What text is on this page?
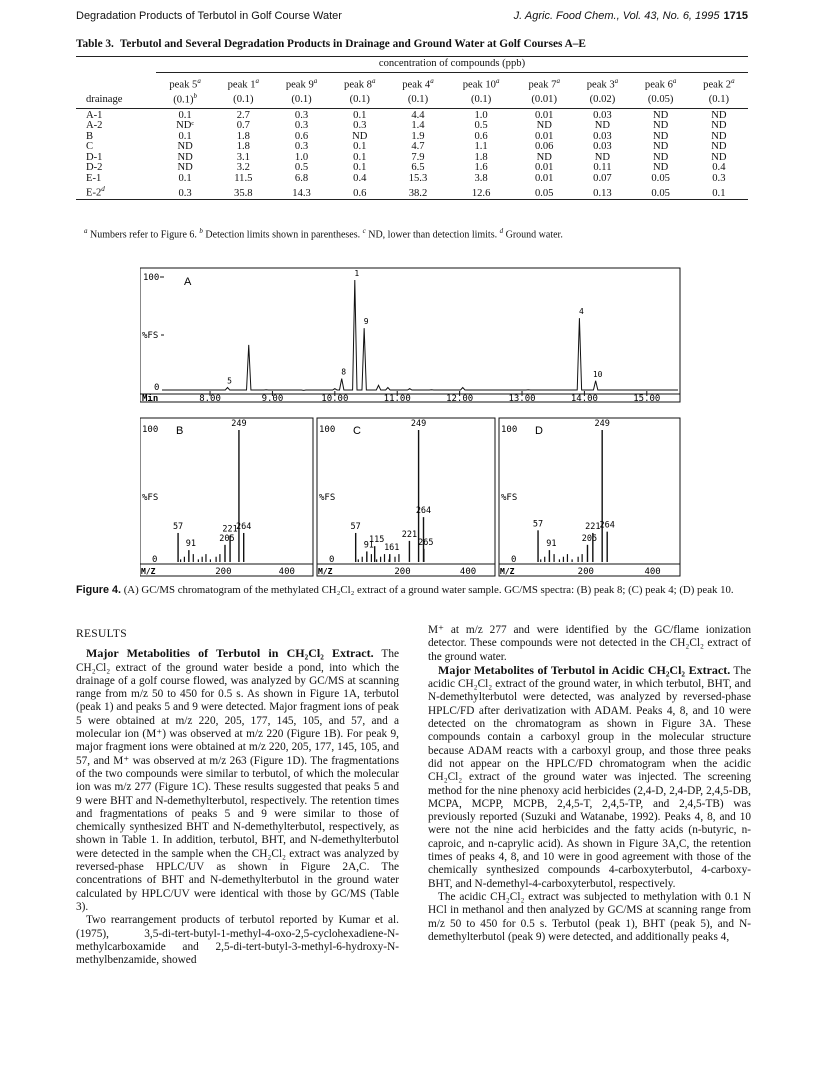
Degradation Products of Terbutol in Golf Course Water	J. Agric. Food Chem., Vol. 43, No. 6, 1995 1715
Table 3. Terbutol and Several Degradation Products in Drainage and Ground Water at Golf Courses A–E

	concentration of compounds (ppb)									
	peak 5$^a$	peak 1$^a$	peak 9$^a$	peak 8$^a$	peak 4$^a$	peak 10$^a$	peak 7$^a$	peak 3$^a$	peak 6$^a$	peak 2$^a$
drainage	$(0.1)^b$	(0.1)	(0.1)	(0.1)	(0.1)	(0.1)	(0.01)	(0.02)	(0.05)	(0.1)
A-1	0.1	2.7	0.3	0.1	4.4	1.0	0.01	0.03	ND	ND
A-2	NDᶜ	0.7	0.3	0.3	1.4	0.5	ND	ND	ND	ND
B	0.1	1.8	0.6	ND	1.9	0.6	0.01	0.03	ND	ND
C	ND	1.8	0.3	0.1	4.7	1.1	0.06	0.03	ND	ND
D-1	ND	3.1	1.0	0.1	7.9	1.8	ND	ND	ND	ND
D-2	ND	3.2	0.5	0.1	6.5	1.6	0.01	0.11	ND	0.4
E-1	0.1	11.5	6.8	0.4	15.3	3.8	0.01	0.07	0.05	0.3
E-2$^d$	0.3	35.8	14.3	0.6	38.2	12.6	0.05	0.13	0.05	0.1

$^a$ Numbers refer to Figure 6. $^b$ Detection limits shown in parentheses. $^c$ ND, lower than detection limits. $^d$ Ground water.
100 A
%FS
0
Min	8.00	9.00	10.00	11.00	12.00	13.00	14.00	15.00
5
8
1
9
4
10
100 B
%FS
0
M/Z	200	400
57
91
205
221
249
264
100 C
%FS
0
M/Z	200	400
57
91
115
161
221
249
264
265
100 D
%FS
0
M/Z	200	400
57
91
205
221
249
264
Figure 4. (A) GC/MS chromatogram of the methylated CH₂Cl₂ extract of a ground water sample. GC/MS spectra: (B) peak 8; (C) peak 4; (D) peak 10.
RESULTS

Major Metabolities of Terbutol in CH₂Cl₂ Extract. The CH₂Cl₂ extract of the ground water beside a pond, into which the drainage of a golf course flowed, was analyzed by GC/MS at scanning range from m/z 50 to 450 for 0.5 s. As shown in Figure 1A, terbutol (peak 1) and peaks 5 and 9 were detected. Major fragment ions of peak 5 were obtained at m/z 220, 205, 177, 145, 105, and 57, and a molecular ion (M⁺) was observed at m/z 220 (Figure 1B). For peak 9, major fragment ions were obtained at m/z 220, 205, 177, 145, 105, and 57, and M⁺ was observed at m/z 263 (Figure 1D). The fragmentations of the two compounds were similar to terbutol, of which the molecular ion was m/z 277 (Figure 1C). These results suggested that peaks 5 and 9 were BHT and N-demethylterbutol, respectively. The retention times and fragmentations of peaks 5 and 9 were similar to those of chemically synthesized BHT and N-demethylterbutol, respectively, as shown in Table 1. In addition, terbutol, BHT, and N-demethylterbutol were detected in the sample when the CH₂Cl₂ extract was analyzed by reversed-phase HPLC/UV as shown in Figure 2A,C. The concentrations of BHT and N-demethylterbutol in the ground water calculated by HPLC/UV were identical with those by GC/MS (Table 3).

Two rearrangement products of terbutol reported by Kumar et al. (1975), 3,5-di-tert-butyl-1-methyl-4-oxo-2,5-cyclohexadiene-N-methylcarboxamide and 2,5-di-tert-butyl-3-methyl-6-hydroxy-N-methylbenzamide, showed

M⁺ at m/z 277 and were identified by the GC/flame ionization detector. These compounds were not detected in the CH₂Cl₂ extract of the ground water.

Major Metabolites of Terbutol in Acidic CH₂Cl₂ Extract. The acidic CH₂Cl₂ extract of the ground water, in which terbutol, BHT, and N-demethylterbutol were detected, was analyzed by reversed-phase HPLC/FD after derivatization with ADAM. Peaks 4, 8, and 10 were detected on the chromatogram as shown in Figure 3A. These compounds contain a carboxyl group in the molecular structure because ADAM reacts with a carboxyl group, and those three peaks did not appear on the HPLC/FD chromatogram when the acidic CH₂Cl₂ extract of the ground water was injected. The screening method for the nine phenoxy acid herbicides (2,4-D, 2,4-DP, 2,4,5-DB, MCPA, MCPP, MCPB, 2,4,5-T, 2,4,5-TP, and 2,4,5-TB) was previously reported (Suzuki and Watanabe, 1992). Peaks 4, 8, and 10 were not the nine acid herbicides and the fatty acids (n-butyric, n-caproic, and n-caprylic acid). As shown in Figure 3A,C, the retention times of peaks 4, 8, and 10 were in good agreement with those of the chemically synthesized compounds 4-carboxyterbutol, 4-carboxy-BHT, and N-demethyl-4-carboxyterbutol, respectively.

The acidic CH₂Cl₂ extract was subjected to methylation with 0.1 N HCl in methanol and then analyzed by GC/MS at scanning range from m/z 50 to 450 for 0.5 s. Terbutol (peak 1), BHT (peak 5), and N-demethylterbutol (peak 9) were detected, and additionally peaks 4,
